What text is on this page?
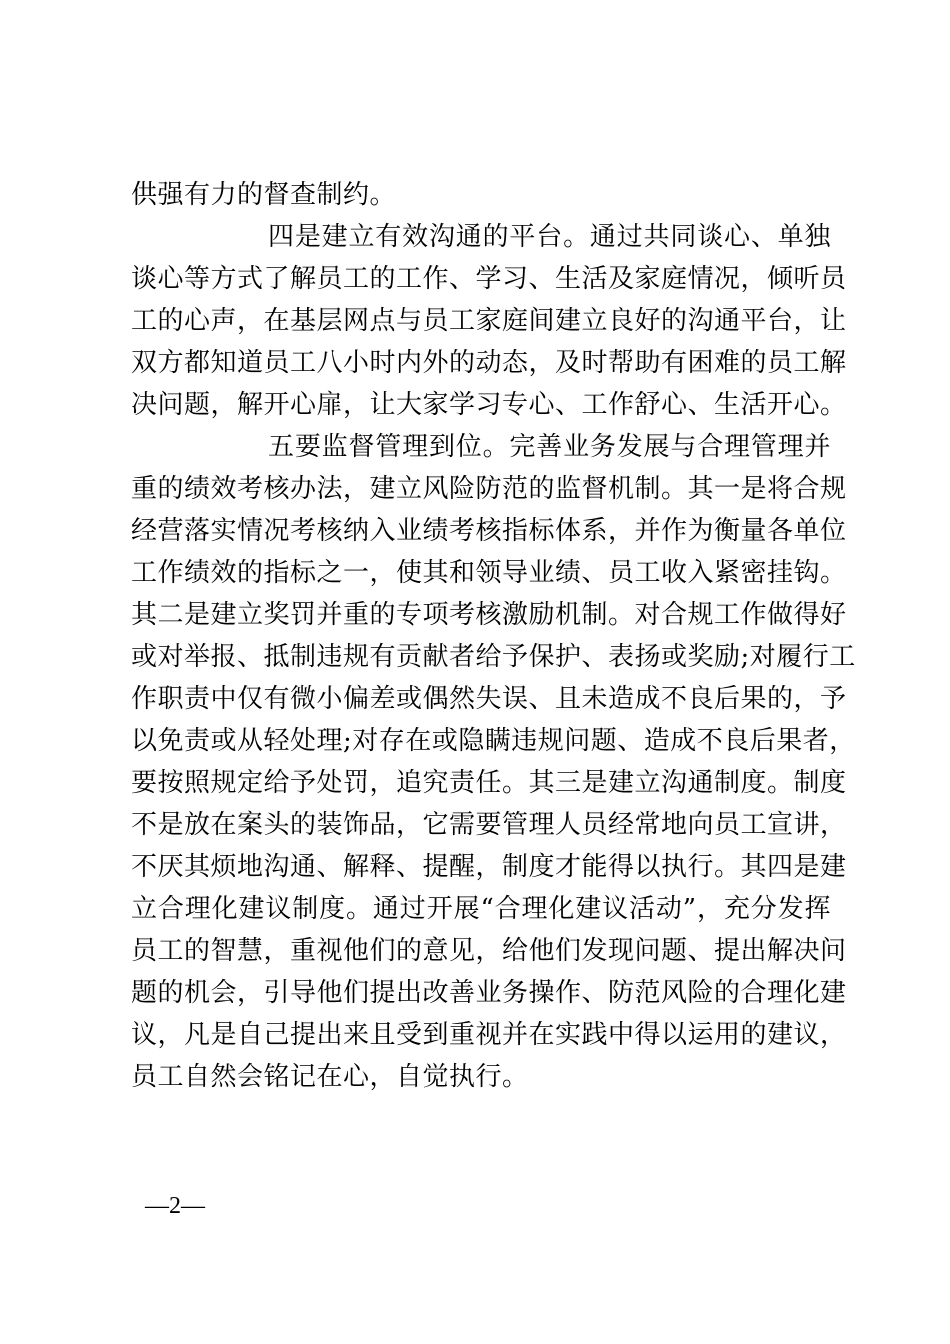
供强有力的督查制约。
四是建立有效沟通的平台。通过共同谈心、单独
谈心等方式了解员工的工作、学习、生活及家庭情况，倾听员
工的心声，在基层网点与员工家庭间建立良好的沟通平台，让
双方都知道员工八小时内外的动态，及时帮助有困难的员工解
决问题，解开心扉，让大家学习专心、工作舒心、生活开心。
五要监督管理到位。完善业务发展与合理管理并
重的绩效考核办法，建立风险防范的监督机制。其一是将合规
经营落实情况考核纳入业绩考核指标体系，并作为衡量各单位
工作绩效的指标之一，使其和领导业绩、员工收入紧密挂钩。
其二是建立奖罚并重的专项考核激励机制。对合规工作做得好
或对举报、抵制违规有贡献者给予保护、表扬或奖励;对履行工
作职责中仅有微小偏差或偶然失误、且未造成不良后果的，予
以免责或从轻处理;对存在或隐瞒违规问题、造成不良后果者，
要按照规定给予处罚，追究责任。其三是建立沟通制度。制度
不是放在案头的装饰品，它需要管理人员经常地向员工宣讲，
不厌其烦地沟通、解释、提醒，制度才能得以执行。其四是建
立合理化建议制度。通过开展“合理化建议活动”，充分发挥
员工的智慧，重视他们的意见，给他们发现问题、提出解决问
题的机会，引导他们提出改善业务操作、防范风险的合理化建
议，凡是自己提出来且受到重视并在实践中得以运用的建议，
员工自然会铭记在心，自觉执行。
—2—
